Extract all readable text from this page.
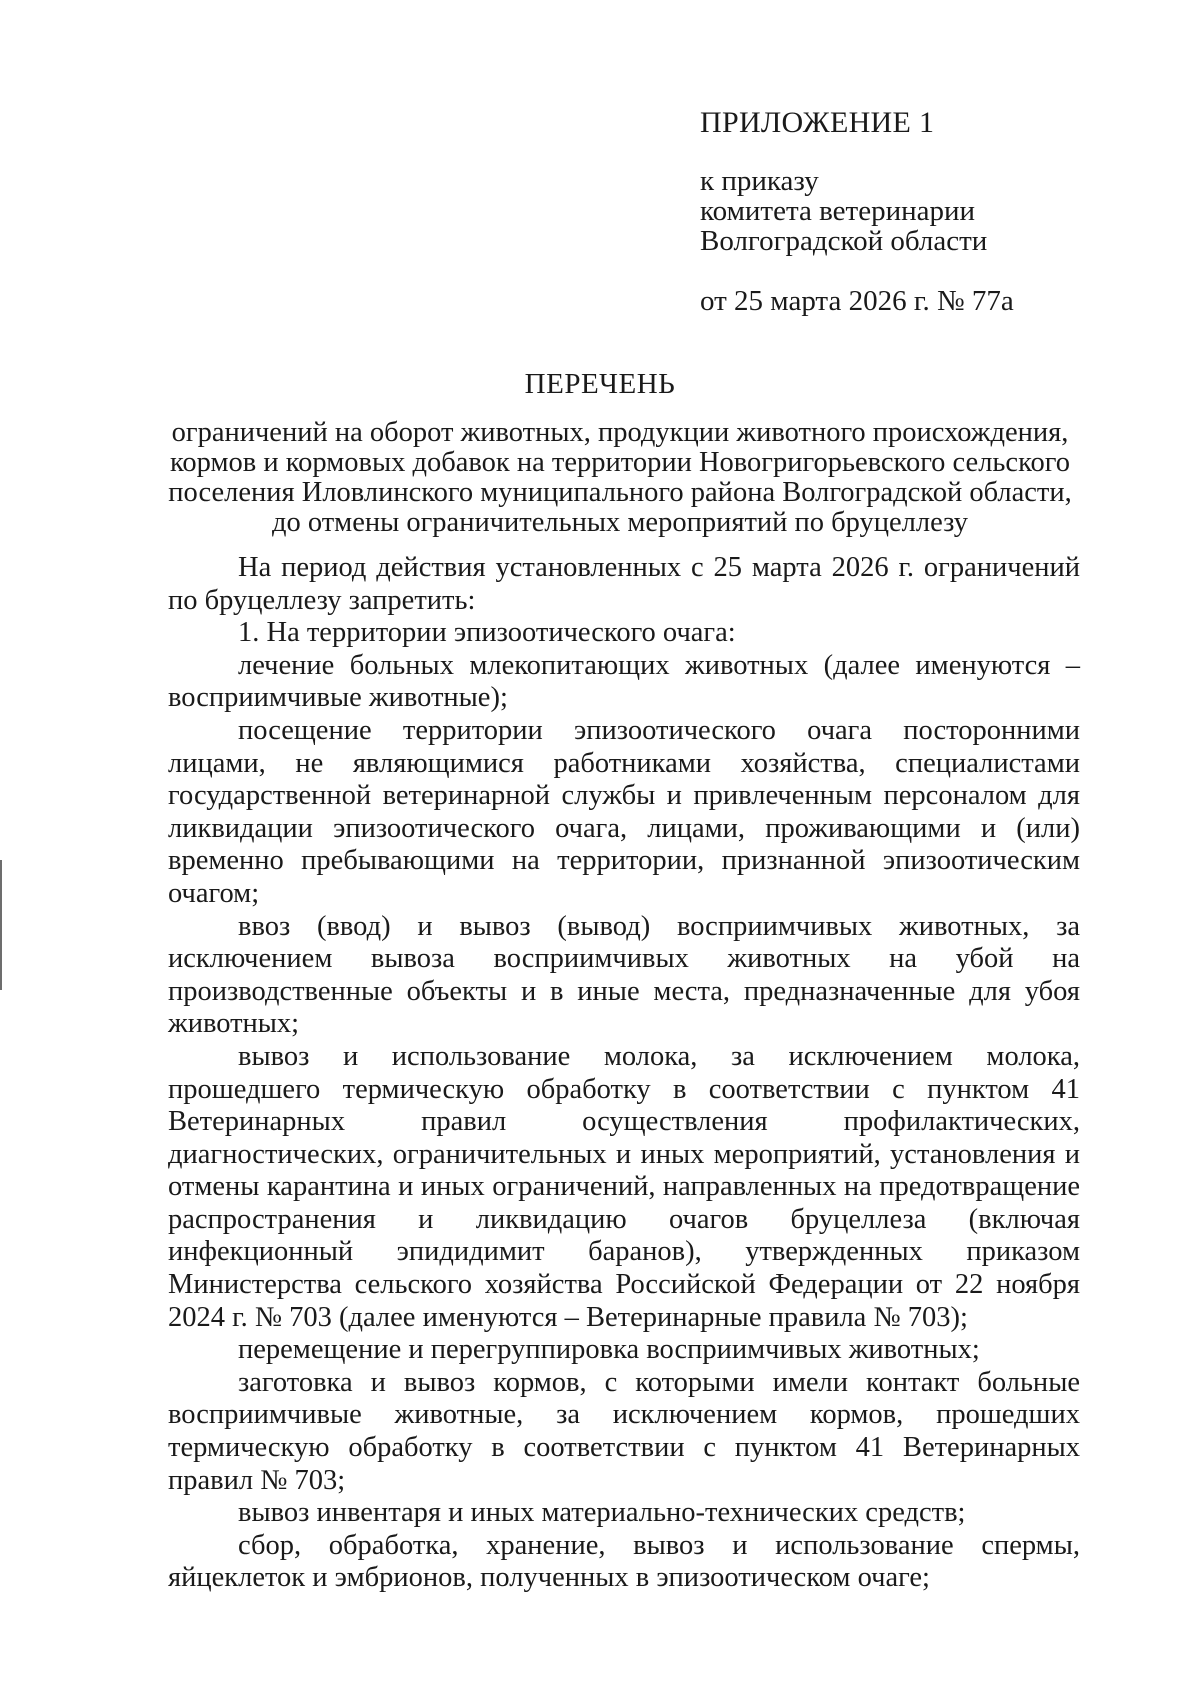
ПРИЛОЖЕНИЕ 1
к приказу
комитета ветеринарии
Волгоградской области
от 25 марта 2026 г. № 77а
ПЕРЕЧЕНЬ
ограничений на оборот животных, продукции животного происхождения,
кормов и кормовых добавок на территории Новогригорьевского сельского
поселения Иловлинского муниципального района Волгоградской области,
до отмены ограничительных мероприятий по бруцеллезу

На период действия установленных с 25 марта 2026 г. ограничений по бруцеллезу запретить:

1. На территории эпизоотического очага:

лечение больных млекопитающих животных (далее именуются – восприимчивые животные);

посещение территории эпизоотического очага посторонними лицами, не являющимися работниками хозяйства, специалистами государственной ветеринарной службы и привлеченным персоналом для ликвидации эпизоотического очага, лицами, проживающими и (или) временно пребывающими на территории, признанной эпизоотическим очагом;

ввоз (ввод) и вывоз (вывод) восприимчивых животных, за исключением вывоза восприимчивых животных на убой на производственные объекты и в иные места, предназначенные для убоя животных;

вывоз и использование молока, за исключением молока, прошедшего термическую обработку в соответствии с пунктом 41 Ветеринарных правил осуществления профилактических, диагностических, ограничительных и иных мероприятий, установления и отмены карантина и иных ограничений, направленных на предотвращение распространения и ликвидацию очагов бруцеллеза (включая инфекционный эпидидимит баранов), утвержденных приказом Министерства сельского хозяйства Российской Федерации от 22 ноября 2024 г. № 703 (далее именуются – Ветеринарные правила № 703);

перемещение и перегруппировка восприимчивых животных;

заготовка и вывоз кормов, с которыми имели контакт больные восприимчивые животные, за исключением кормов, прошедших термическую обработку в соответствии с пунктом 41 Ветеринарных правил № 703;

вывоз инвентаря и иных материально-технических средств;

сбор, обработка, хранение, вывоз и использование спермы, яйцеклеток и эмбрионов, полученных в эпизоотическом очаге;
